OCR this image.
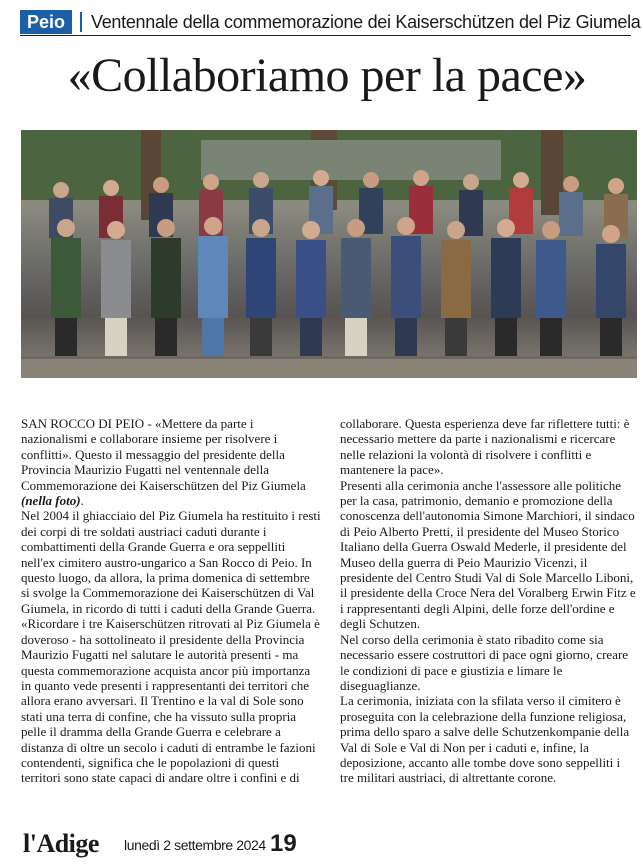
Peio	Ventennale della commemorazione dei Kaiserschützen del Piz Giumela
«Collaboriamo per la pace»

SAN ROCCO DI PEIO - «Mettere da parte i nazionalismi e collaborare insieme per risolvere i conflitti». Questo il messaggio del presidente della Provincia Maurizio Fugatti nel ventennale della Commemorazione dei Kaiserschützen del Piz Giumela (nella foto).

Nel 2004 il ghiacciaio del Piz Giumela ha restituito i resti dei corpi di tre soldati austriaci caduti durante i combattimenti della Grande Guerra e ora seppelliti nell'ex cimitero austro-ungarico a San Rocco di Peio. In questo luogo, da allora, la prima domenica di settembre si svolge la Commemorazione dei Kaiserschützen di Val Giumela, in ricordo di tutti i caduti della Grande Guerra.

«Ricordare i tre Kaiserschützen ritrovati al Piz Giumela è doveroso - ha sottolineato il presidente della Provincia Maurizio Fugatti nel salutare le autorità presenti - ma questa commemorazione acquista ancor più importanza in quanto vede presenti i rappresentanti dei territori che allora erano avversari. Il Trentino e la val di Sole sono stati una terra di confine, che ha vissuto sulla propria pelle il dramma della Grande Guerra e celebrare a distanza di oltre un secolo i caduti di entrambe le fazioni contendenti, significa che le popolazioni di questi territori sono state capaci di andare oltre i confini e di

collaborare. Questa esperienza deve far riflettere tutti: è necessario mettere da parte i nazionalismi e ricercare nelle relazioni la volontà di risolvere i conflitti e mantenere la pace».

Presenti alla cerimonia anche l'assessore alle politiche per la casa, patrimonio, demanio e promozione della conoscenza dell'autonomia Simone Marchiori, il sindaco di Peio Alberto Pretti, il presidente del Museo Storico Italiano della Guerra Oswald Mederle, il presidente del Museo della guerra di Peio Maurizio Vicenzi, il presidente del Centro Studi Val di Sole Marcello Liboni, il presidente della Croce Nera del Voralberg Erwin Fitz e i rappresentanti degli Alpini, delle forze dell'ordine e degli Schutzen.

Nel corso della cerimonia è stato ribadito come sia necessario essere costruttori di pace ogni giorno, creare le condizioni di pace e giustizia e limare le diseguaglianze.

La cerimonia, iniziata con la sfilata verso il cimitero è proseguita con la celebrazione della funzione religiosa, prima dello sparo a salve delle Schutzenkompanie della Val di Sole e Val di Non per i caduti e, infine, la deposizione, accanto alle tombe dove sono seppelliti i tre militari austriaci, di altrettante corone.

l'Adige lunedì 2 settembre 2024 19
